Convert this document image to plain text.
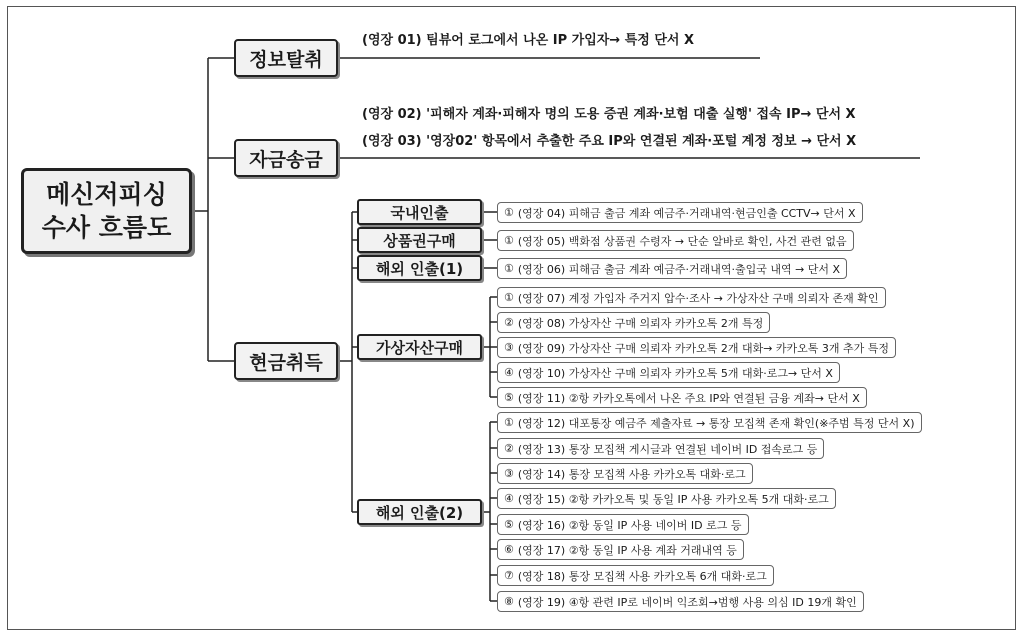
메신저피싱
수사 흐름도
정보탈취
(영장 01) 팀뷰어 로그에서 나온 IP 가입자→ 특정 단서 X
자금송금
(영장 02) '피해자 계좌·피해자 명의 도용 증권 계좌·보험 대출 실행' 접속 IP→ 단서 X
(영장 03) '영장02' 항목에서 추출한 주요 IP와 연결된 계좌·포털 계정 정보 → 단서 X
현금취득
국내인출
상품권구매
해외 인출(1)
가상자산구매
해외 인출(2)
① (영장 04) 피해금 출금 계좌 예금주·거래내역·현금인출 CCTV→ 단서 X
① (영장 05) 백화점 상품권 수령자 → 단순 알바로 확인, 사건 관련 없음
① (영장 06) 피해금 출금 계좌 예금주·거래내역·출입국 내역 → 단서 X
① (영장 07) 계정 가입자 주거지 압수·조사 → 가상자산 구매 의뢰자 존재 확인
② (영장 08) 가상자산 구매 의뢰자 카카오톡 2개 특정
③ (영장 09) 가상자산 구매 의뢰자 카카오톡 2개 대화→ 카카오톡 3개 추가 특정
④ (영장 10) 가상자산 구매 의뢰자 카카오톡 5개 대화·로그→ 단서 X
⑤ (영장 11) ②항 카카오톡에서 나온 주요 IP와 연결된 금융 계좌→ 단서 X
① (영장 12) 대포통장 예금주 제출자료 → 통장 모집책 존재 확인(※주범 특정 단서 X)
② (영장 13) 통장 모집책 게시글과 연결된 네이버 ID 접속로그 등
③ (영장 14) 통장 모집책 사용 카카오톡 대화·로그
④ (영장 15) ②항 카카오톡 및 동일 IP 사용 카카오톡 5개 대화·로그
⑤ (영장 16) ②항 동일 IP 사용 네이버 ID 로그 등
⑥ (영장 17) ②항 동일 IP 사용 계좌 거래내역 등
⑦ (영장 18) 통장 모집책 사용 카카오톡 6개 대화·로그
⑧ (영장 19) ④항 관련 IP로 네이버 익조회→범행 사용 의심 ID 19개 확인
